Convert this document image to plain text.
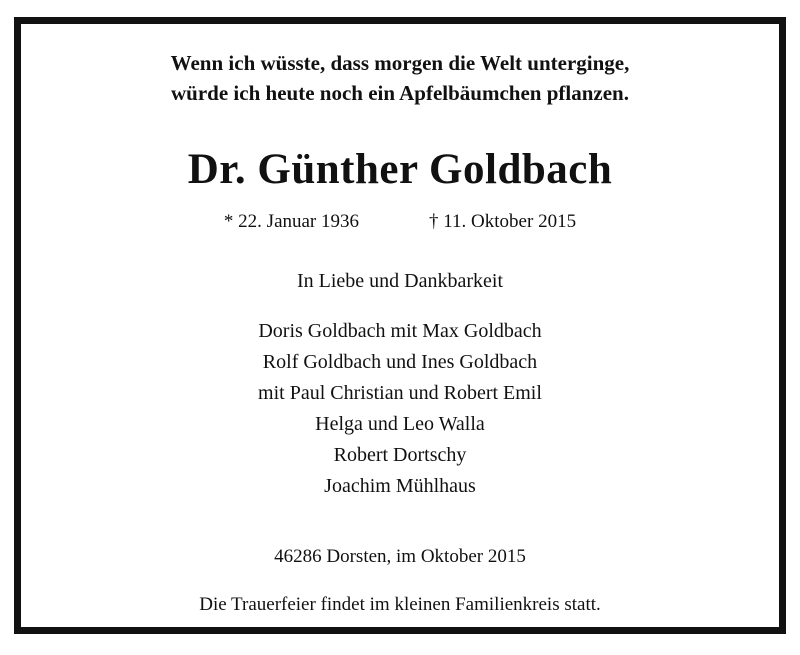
Wenn ich wüsste, dass morgen die Welt unterginge,
würde ich heute noch ein Apfelbäumchen pflanzen.
Dr. Günther Goldbach
* 22. Januar 1936	† 11. Oktober 2015
In Liebe und Dankbarkeit
Doris Goldbach mit Max Goldbach
Rolf Goldbach und Ines Goldbach
mit Paul Christian und Robert Emil
Helga und Leo Walla
Robert Dortschy
Joachim Mühlhaus
46286 Dorsten, im Oktober 2015
Die Trauerfeier findet im kleinen Familienkreis statt.
